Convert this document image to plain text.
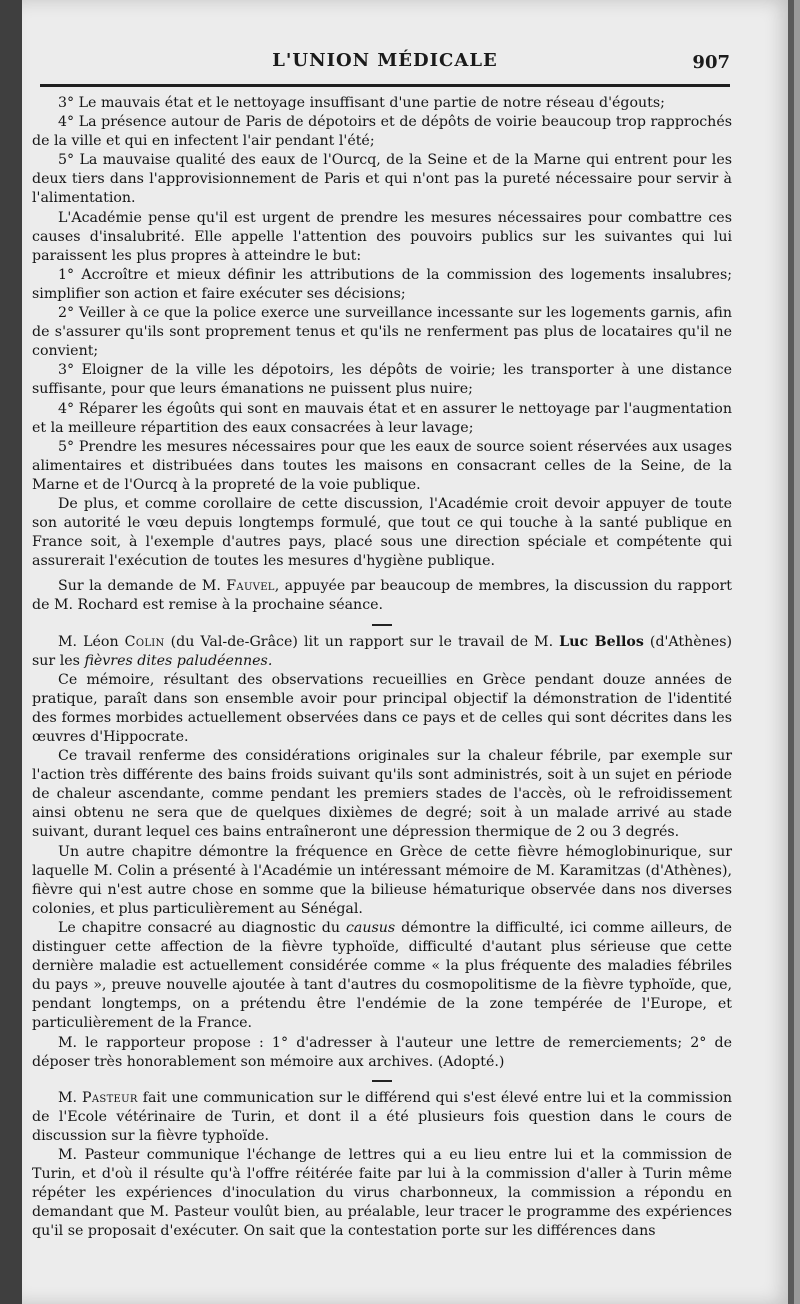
L'UNION MÉDICALE	907

3° Le mauvais état et le nettoyage insuffisant d'une partie de notre réseau d'égouts;

4° La présence autour de Paris de dépotoirs et de dépôts de voirie beaucoup trop rapprochés de la ville et qui en infectent l'air pendant l'été;

5° La mauvaise qualité des eaux de l'Ourcq, de la Seine et de la Marne qui entrent pour les deux tiers dans l'approvisionnement de Paris et qui n'ont pas la pureté nécessaire pour servir à l'alimentation.

L'Académie pense qu'il est urgent de prendre les mesures nécessaires pour combattre ces causes d'insalubrité. Elle appelle l'attention des pouvoirs publics sur les suivantes qui lui paraissent les plus propres à atteindre le but:

1° Accroître et mieux définir les attributions de la commission des logements insalubres; simplifier son action et faire exécuter ses décisions;

2° Veiller à ce que la police exerce une surveillance incessante sur les logements garnis, afin de s'assurer qu'ils sont proprement tenus et qu'ils ne renferment pas plus de locataires qu'il ne convient;

3° Eloigner de la ville les dépotoirs, les dépôts de voirie; les transporter à une distance suffisante, pour que leurs émanations ne puissent plus nuire;

4° Réparer les égoûts qui sont en mauvais état et en assurer le nettoyage par l'augmentation et la meilleure répartition des eaux consacrées à leur lavage;

5° Prendre les mesures nécessaires pour que les eaux de source soient réservées aux usages alimentaires et distribuées dans toutes les maisons en consacrant celles de la Seine, de la Marne et de l'Ourcq à la propreté de la voie publique.

De plus, et comme corollaire de cette discussion, l'Académie croit devoir appuyer de toute son autorité le vœu depuis longtemps formulé, que tout ce qui touche à la santé publique en France soit, à l'exemple d'autres pays, placé sous une direction spéciale et compétente qui assurerait l'exécution de toutes les mesures d'hygiène publique.

Sur la demande de M. Fauvel, appuyée par beaucoup de membres, la discussion du rapport de M. Rochard est remise à la prochaine séance.

M. Léon Colin (du Val-de-Grâce) lit un rapport sur le travail de M. Luc Bellos (d'Athènes) sur les fièvres dites paludéennes.

Ce mémoire, résultant des observations recueillies en Grèce pendant douze années de pratique, paraît dans son ensemble avoir pour principal objectif la démonstration de l'identité des formes morbides actuellement observées dans ce pays et de celles qui sont décrites dans les œuvres d'Hippocrate.

Ce travail renferme des considérations originales sur la chaleur fébrile, par exemple sur l'action très différente des bains froids suivant qu'ils sont administrés, soit à un sujet en période de chaleur ascendante, comme pendant les premiers stades de l'accès, où le refroidissement ainsi obtenu ne sera que de quelques dixièmes de degré; soit à un malade arrivé au stade suivant, durant lequel ces bains entraîneront une dépression thermique de 2 ou 3 degrés.

Un autre chapitre démontre la fréquence en Grèce de cette fièvre hémoglobinurique, sur laquelle M. Colin a présenté à l'Académie un intéressant mémoire de M. Karamitzas (d'Athènes), fièvre qui n'est autre chose en somme que la bilieuse hématurique observée dans nos diverses colonies, et plus particulièrement au Sénégal.

Le chapitre consacré au diagnostic du causus démontre la difficulté, ici comme ailleurs, de distinguer cette affection de la fièvre typhoïde, difficulté d'autant plus sérieuse que cette dernière maladie est actuellement considérée comme « la plus fréquente des maladies fébriles du pays », preuve nouvelle ajoutée à tant d'autres du cosmopolitisme de la fièvre typhoïde, que, pendant longtemps, on a prétendu être l'endémie de la zone tempérée de l'Europe, et particulièrement de la France.

M. le rapporteur propose : 1° d'adresser à l'auteur une lettre de remerciements; 2° de déposer très honorablement son mémoire aux archives. (Adopté.)

M. Pasteur fait une communication sur le différend qui s'est élevé entre lui et la commission de l'Ecole vétérinaire de Turin, et dont il a été plusieurs fois question dans le cours de discussion sur la fièvre typhoïde.

M. Pasteur communique l'échange de lettres qui a eu lieu entre lui et la commission de Turin, et d'où il résulte qu'à l'offre réitérée faite par lui à la commission d'aller à Turin même répéter les expériences d'inoculation du virus charbonneux, la commission a répondu en demandant que M. Pasteur voulût bien, au préalable, leur tracer le programme des expériences qu'il se proposait d'exécuter. On sait que la contestation porte sur les différences dans
